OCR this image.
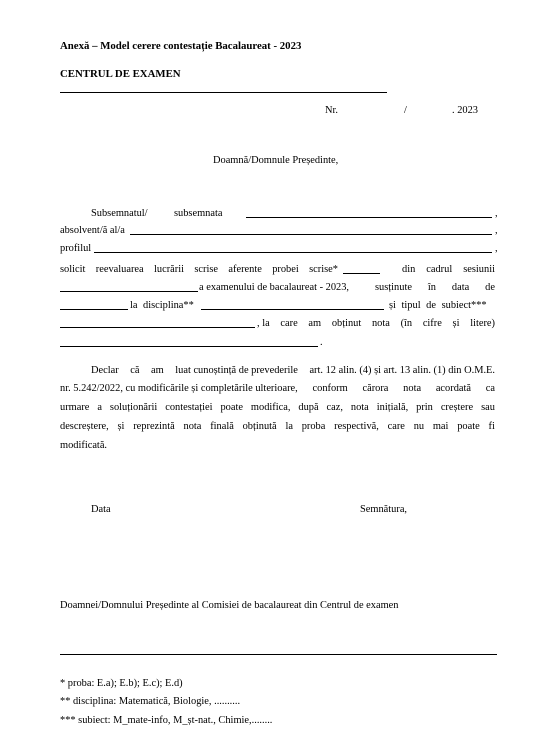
Anexă – Model cerere contestație Bacalaureat - 2023
CENTRUL DE EXAMEN
Nr.	/	. 2023
Doamnă/Domnule Președinte,
Subsemnatul/	subsemnata	,
absolvent/ă al/a	,
profilul	,
solicit reevaluarea lucrării scrise aferente probei scrise*	din cadrul sesiunii
a examenului de bacalaureat - 2023, susținute în data de
la disciplina**	și tipul de subiect***
, la care am obținut nota (în cifre și litere)
.
Declar că am luat cunoștință de prevederile art. 12 alin. (4) și art. 13 alin. (1) din O.M.E.
nr. 5.242/2022, cu modificările și completările ulterioare, conform cărora nota acordată ca
urmare a soluționării contestației poate modifica, după caz, nota inițială, prin creștere sau
descreștere, și reprezintă nota finală obținută la proba respectivă, care nu mai poate fi
modificată.
Data	Semnătura,
Doamnei/Domnului Președinte al Comisiei de bacalaureat din Centrul de examen
* proba: E.a); E.b); E.c); E.d)
** disciplina: Matematică, Biologie, ..........
*** subiect: M_mate-info, M_șt-nat., Chimie,........
